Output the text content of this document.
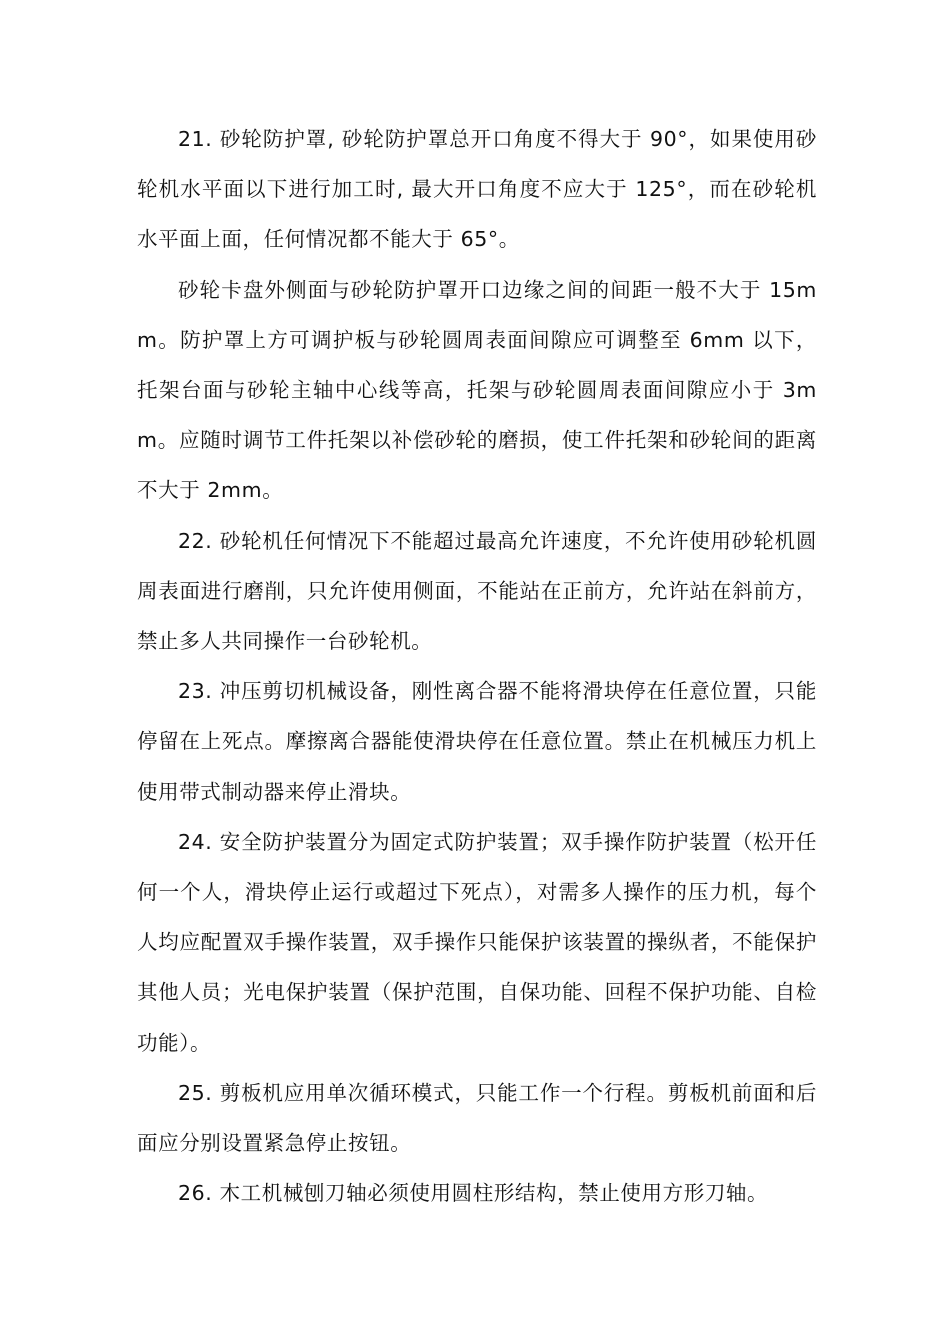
21. 砂轮防护罩, 砂轮防护罩总开口角度不得大于 90°，如果使用砂轮机水平面以下进行加工时, 最大开口角度不应大于 125°，而在砂轮机水平面上面，任何情况都不能大于 65°。

砂轮卡盘外侧面与砂轮防护罩开口边缘之间的间距一般不大于 15mm。防护罩上方可调护板与砂轮圆周表面间隙应可调整至 6mm 以下，托架台面与砂轮主轴中心线等高，托架与砂轮圆周表面间隙应小于 3mm。应随时调节工件托架以补偿砂轮的磨损，使工件托架和砂轮间的距离不大于 2mm。

22. 砂轮机任何情况下不能超过最高允许速度，不允许使用砂轮机圆周表面进行磨削，只允许使用侧面，不能站在正前方，允许站在斜前方，禁止多人共同操作一台砂轮机。

23. 冲压剪切机械设备，刚性离合器不能将滑块停在任意位置，只能停留在上死点。摩擦离合器能使滑块停在任意位置。禁止在机械压力机上使用带式制动器来停止滑块。

24. 安全防护装置分为固定式防护装置；双手操作防护装置（松开任何一个人，滑块停止运行或超过下死点），对需多人操作的压力机，每个人均应配置双手操作装置，双手操作只能保护该装置的操纵者，不能保护其他人员；光电保护装置（保护范围，自保功能、回程不保护功能、自检功能）。

25. 剪板机应用单次循环模式，只能工作一个行程。剪板机前面和后面应分别设置紧急停止按钮。

26. 木工机械刨刀轴必须使用圆柱形结构，禁止使用方形刀轴。
